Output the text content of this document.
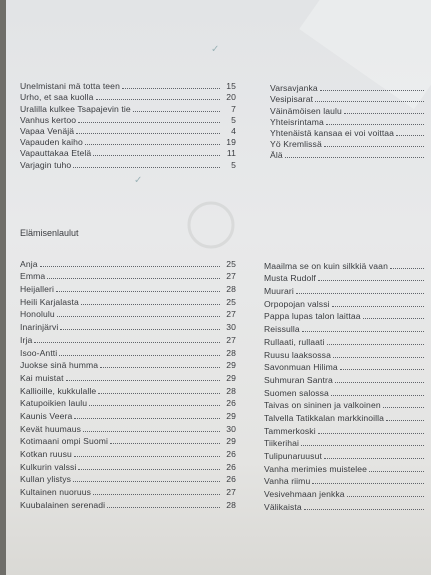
✓
✓
Unelmistani mä totta teen	15
Urho, et saa kuolla	20
Uralilla kulkee Tsapajevin tie	7
Vanhus kertoo	5
Vapaa Venäjä	4
Vapauden kaiho	19
Vapauttakaa Etelä	11
Varjagin tuho	5
Varsavjanka
Vesipisarat
Väinämöisen laulu
Yhteisrintama
Yhtenäistä kansaa ei voi voittaa
Yö Kremlissä
Älä
Elämisenlaulut
Anja	25
Emma	27
Heijalleri	28
Heili Karjalasta	25
Honolulu	27
Inarinjärvi	30
Irja	27
Isoo-Antti	28
Juokse sinä humma	29
Kai muistat	29
Kallioille, kukkulalle	28
Katupoikien laulu	26
Kaunis Veera	29
Kevät huumaus	30
Kotimaani ompi Suomi	29
Kotkan ruusu	26
Kulkurin valssi	26
Kullan ylistys	26
Kultainen nuoruus	27
Kuubalainen serenadi	28
Maailma se on kuin silkkiä vaan
Musta Rudolf
Muurari
Orpopojan valssi
Pappa lupas talon laittaa
Reissulla
Rullaati, rullaati
Ruusu laaksossa
Savonmuan Hilima
Suhmuran Santra
Suomen salossa
Taivas on sininen ja valkoinen
Talvella Tatikkalan markkinoilla
Tammerkoski
Tiikerihai
Tulipunaruusut
Vanha merimies muistelee
Vanha riimu
Vesivehmaan jenkka
Välikaista
